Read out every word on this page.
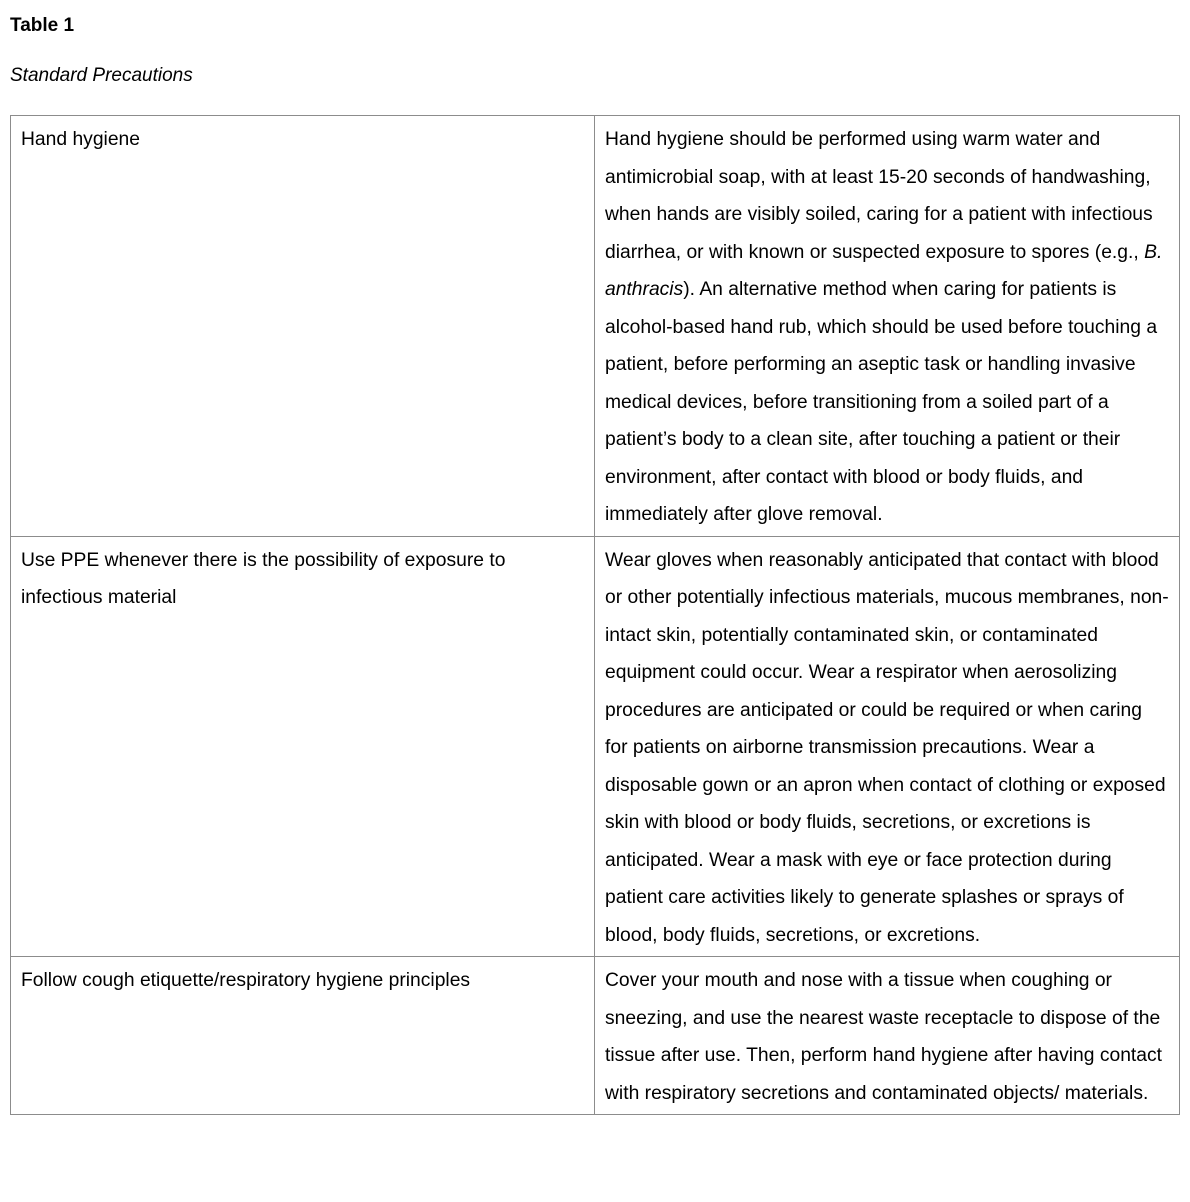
Table 1
Standard Precautions
Hand hygiene	Hand hygiene should be performed using warm water and antimicrobial soap, with at least 15-20 seconds of handwashing, when hands are visibly soiled, caring for a patient with infectious diarrhea, or with known or suspected exposure to spores (e.g., B. anthracis). An alternative method when caring for patients is alcohol-based hand rub, which should be used before touching a patient, before performing an aseptic task or handling invasive medical devices, before transitioning from a soiled part of a patient’s body to a clean site, after touching a patient or their environment, after contact with blood or body fluids, and immediately after glove removal.
Use PPE whenever there is the possibility of exposure to infectious material	Wear gloves when reasonably anticipated that contact with blood or other potentially infectious materials, mucous membranes, non-intact skin, potentially contaminated skin, or contaminated equipment could occur. Wear a respirator when aerosolizing procedures are anticipated or could be required or when caring for patients on airborne transmission precautions. Wear a disposable gown or an apron when contact of clothing or exposed skin with blood or body fluids, secretions, or excretions is anticipated. Wear a mask with eye or face protection during patient care activities likely to generate splashes or sprays of blood, body fluids, secretions, or excretions.
Follow cough etiquette/respiratory hygiene principles	Cover your mouth and nose with a tissue when coughing or sneezing, and use the nearest waste receptacle to dispose of the tissue after use. Then, perform hand hygiene after having contact with respiratory secretions and contaminated objects/ materials.
